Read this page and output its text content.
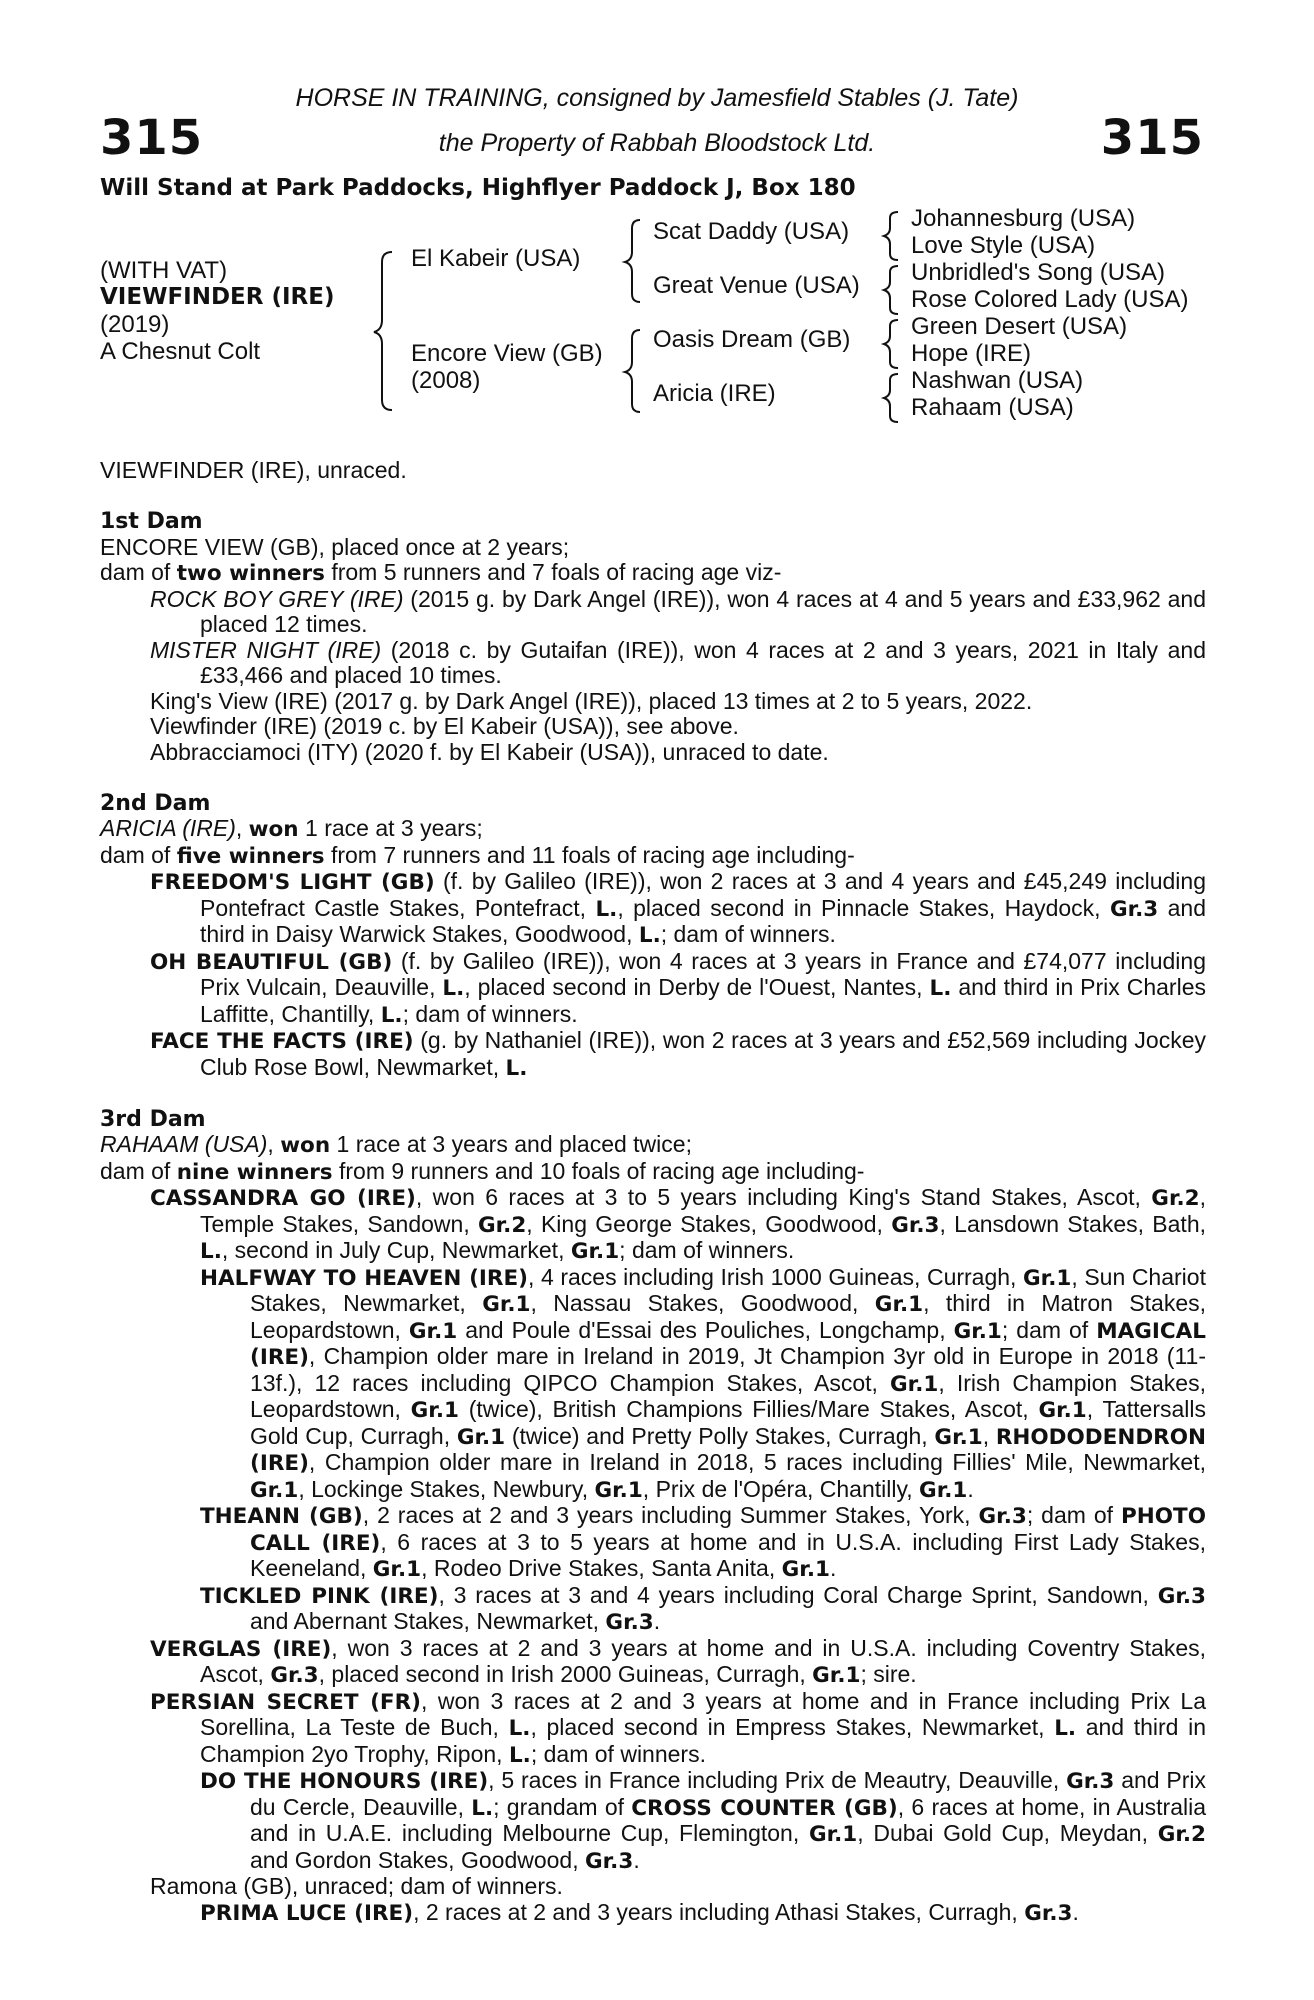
315	315
HORSE IN TRAINING, consigned by Jamesfield Stables (J. Tate)
the Property of Rabbah Bloodstock Ltd.
Will Stand at Park Paddocks, Highflyer Paddock J, Box 180
(WITH VAT)
VIEWFINDER (IRE)
(2019)
A Chesnut Colt
El Kabeir (USA)
Encore View (GB)
(2008)
Scat Daddy (USA)
Great Venue (USA)
Oasis Dream (GB)
Aricia (IRE)
Johannesburg (USA)
Love Style (USA)
Unbridled's Song (USA)
Rose Colored Lady (USA)
Green Desert (USA)
Hope (IRE)
Nashwan (USA)
Rahaam (USA)

VIEWFINDER (IRE), unraced.

1st Dam

ENCORE VIEW (GB), placed once at 2 years;

dam of two winners from 5 runners and 7 foals of racing age viz-

ROCK BOY GREY (IRE) (2015 g. by Dark Angel (IRE)), won 4 races at 4 and 5 years and £33,962 and placed 12 times.

MISTER NIGHT (IRE) (2018 c. by Gutaifan (IRE)), won 4 races at 2 and 3 years, 2021 in Italy and £33,466 and placed 10 times.

King's View (IRE) (2017 g. by Dark Angel (IRE)), placed 13 times at 2 to 5 years, 2022.

Viewfinder (IRE) (2019 c. by El Kabeir (USA)), see above.

Abbracciamoci (ITY) (2020 f. by El Kabeir (USA)), unraced to date.

2nd Dam

ARICIA (IRE), won 1 race at 3 years;

dam of five winners from 7 runners and 11 foals of racing age including-

FREEDOM'S LIGHT (GB) (f. by Galileo (IRE)), won 2 races at 3 and 4 years and £45,249 including Pontefract Castle Stakes, Pontefract, L., placed second in Pinnacle Stakes, Haydock, Gr.3 and third in Daisy Warwick Stakes, Goodwood, L.; dam of winners.

OH BEAUTIFUL (GB) (f. by Galileo (IRE)), won 4 races at 3 years in France and £74,077 including Prix Vulcain, Deauville, L., placed second in Derby de l'Ouest, Nantes, L. and third in Prix Charles Laffitte, Chantilly, L.; dam of winners.

FACE THE FACTS (IRE) (g. by Nathaniel (IRE)), won 2 races at 3 years and £52,569 including Jockey Club Rose Bowl, Newmarket, L.

3rd Dam

RAHAAM (USA), won 1 race at 3 years and placed twice;

dam of nine winners from 9 runners and 10 foals of racing age including-

CASSANDRA GO (IRE), won 6 races at 3 to 5 years including King's Stand Stakes, Ascot, Gr.2, Temple Stakes, Sandown, Gr.2, King George Stakes, Goodwood, Gr.3, Lansdown Stakes, Bath, L., second in July Cup, Newmarket, Gr.1; dam of winners.

HALFWAY TO HEAVEN (IRE), 4 races including Irish 1000 Guineas, Curragh, Gr.1, Sun Chariot Stakes, Newmarket, Gr.1, Nassau Stakes, Goodwood, Gr.1, third in Matron Stakes, Leopardstown, Gr.1 and Poule d'Essai des Pouliches, Longchamp, Gr.1; dam of MAGICAL (IRE), Champion older mare in Ireland in 2019, Jt Champion 3yr old in Europe in 2018 (11-13f.), 12 races including QIPCO Champion Stakes, Ascot, Gr.1, Irish Champion Stakes, Leopardstown, Gr.1 (twice), British Champions Fillies/Mare Stakes, Ascot, Gr.1, Tattersalls Gold Cup, Curragh, Gr.1 (twice) and Pretty Polly Stakes, Curragh, Gr.1, RHODODENDRON (IRE), Champion older mare in Ireland in 2018, 5 races including Fillies' Mile, Newmarket, Gr.1, Lockinge Stakes, Newbury, Gr.1, Prix de l'Opéra, Chantilly, Gr.1.

THEANN (GB), 2 races at 2 and 3 years including Summer Stakes, York, Gr.3; dam of PHOTO CALL (IRE), 6 races at 3 to 5 years at home and in U.S.A. including First Lady Stakes, Keeneland, Gr.1, Rodeo Drive Stakes, Santa Anita, Gr.1.

TICKLED PINK (IRE), 3 races at 3 and 4 years including Coral Charge Sprint, Sandown, Gr.3 and Abernant Stakes, Newmarket, Gr.3.

VERGLAS (IRE), won 3 races at 2 and 3 years at home and in U.S.A. including Coventry Stakes, Ascot, Gr.3, placed second in Irish 2000 Guineas, Curragh, Gr.1; sire.

PERSIAN SECRET (FR), won 3 races at 2 and 3 years at home and in France including Prix La Sorellina, La Teste de Buch, L., placed second in Empress Stakes, Newmarket, L. and third in Champion 2yo Trophy, Ripon, L.; dam of winners.

DO THE HONOURS (IRE), 5 races in France including Prix de Meautry, Deauville, Gr.3 and Prix du Cercle, Deauville, L.; grandam of CROSS COUNTER (GB), 6 races at home, in Australia and in U.A.E. including Melbourne Cup, Flemington, Gr.1, Dubai Gold Cup, Meydan, Gr.2 and Gordon Stakes, Goodwood, Gr.3.

Ramona (GB), unraced; dam of winners.

PRIMA LUCE (IRE), 2 races at 2 and 3 years including Athasi Stakes, Curragh, Gr.3.
